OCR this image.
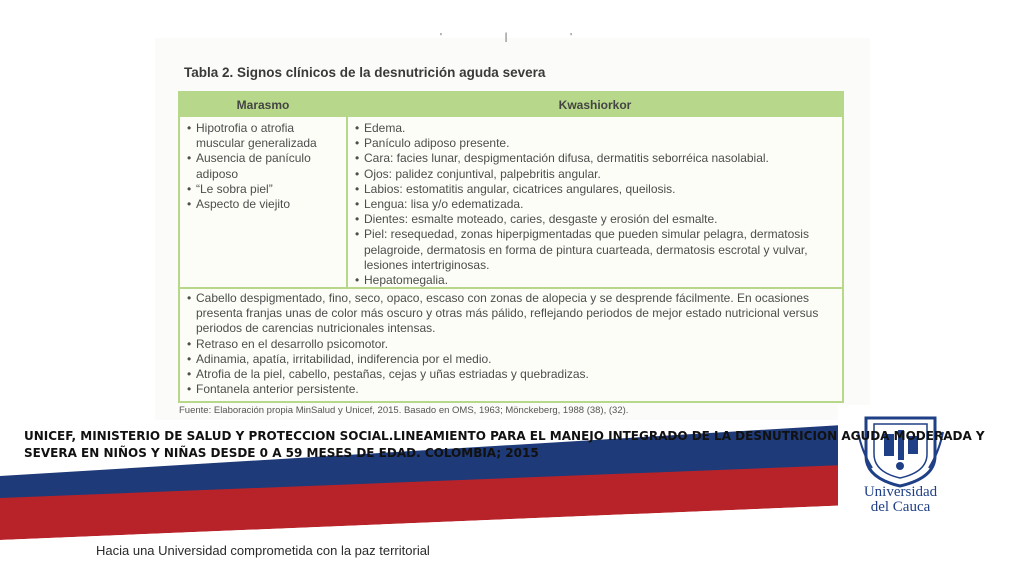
' | '
Tabla 2. Signos clínicos de la desnutrición aguda severa
Marasmo	Kwashiorkor
• Hipotrofia o atrofia muscular generalizada
• Ausencia de panículo adiposo
• “Le sobra piel”
• Aspecto de viejito
• Edema.
• Panículo adiposo presente.
• Cara: facies lunar, despigmentación difusa, dermatitis seborréica nasolabial.
• Ojos: palidez conjuntival, palpebritis angular.
• Labios: estomatitis angular, cicatrices angulares, queilosis.
• Lengua: lisa y/o edematizada.
• Dientes: esmalte moteado, caries, desgaste y erosión del esmalte.
• Piel: resequedad, zonas hiperpigmentadas que pueden simular pelagra, dermatosis pelagroide, dermatosis en forma de pintura cuarteada, dermatosis escrotal y vulvar, lesiones intertriginosas.
• Hepatomegalia.
• Cabello despigmentado, fino, seco, opaco, escaso con zonas de alopecia y se desprende fácilmente. En ocasiones presenta franjas unas de color más oscuro y otras más pálido, reflejando periodos de mejor estado nutricional versus periodos de carencias nutricionales intensas.
• Retraso en el desarrollo psicomotor.
• Adinamia, apatía, irritabilidad, indiferencia por el medio.
• Atrofia de la piel, cabello, pestañas, cejas y uñas estriadas y quebradizas.
• Fontanela anterior persistente.
Fuente: Elaboración propia MinSalud y Unicef, 2015. Basado en OMS, 1963; Mönckeberg, 1988 (38), (32).
UNICEF, MINISTERIO DE SALUD Y PROTECCION SOCIAL.LINEAMIENTO PARA EL MANEJO INTEGRADO DE LA DESNUTRICION AGUDA MODERADA Y SEVERA EN NIÑOS Y NIÑAS DESDE 0 A 59 MESES DE EDAD. COLOMBIA; 2015
Universidad
del Cauca
Hacia una Universidad comprometida con la paz territorial
